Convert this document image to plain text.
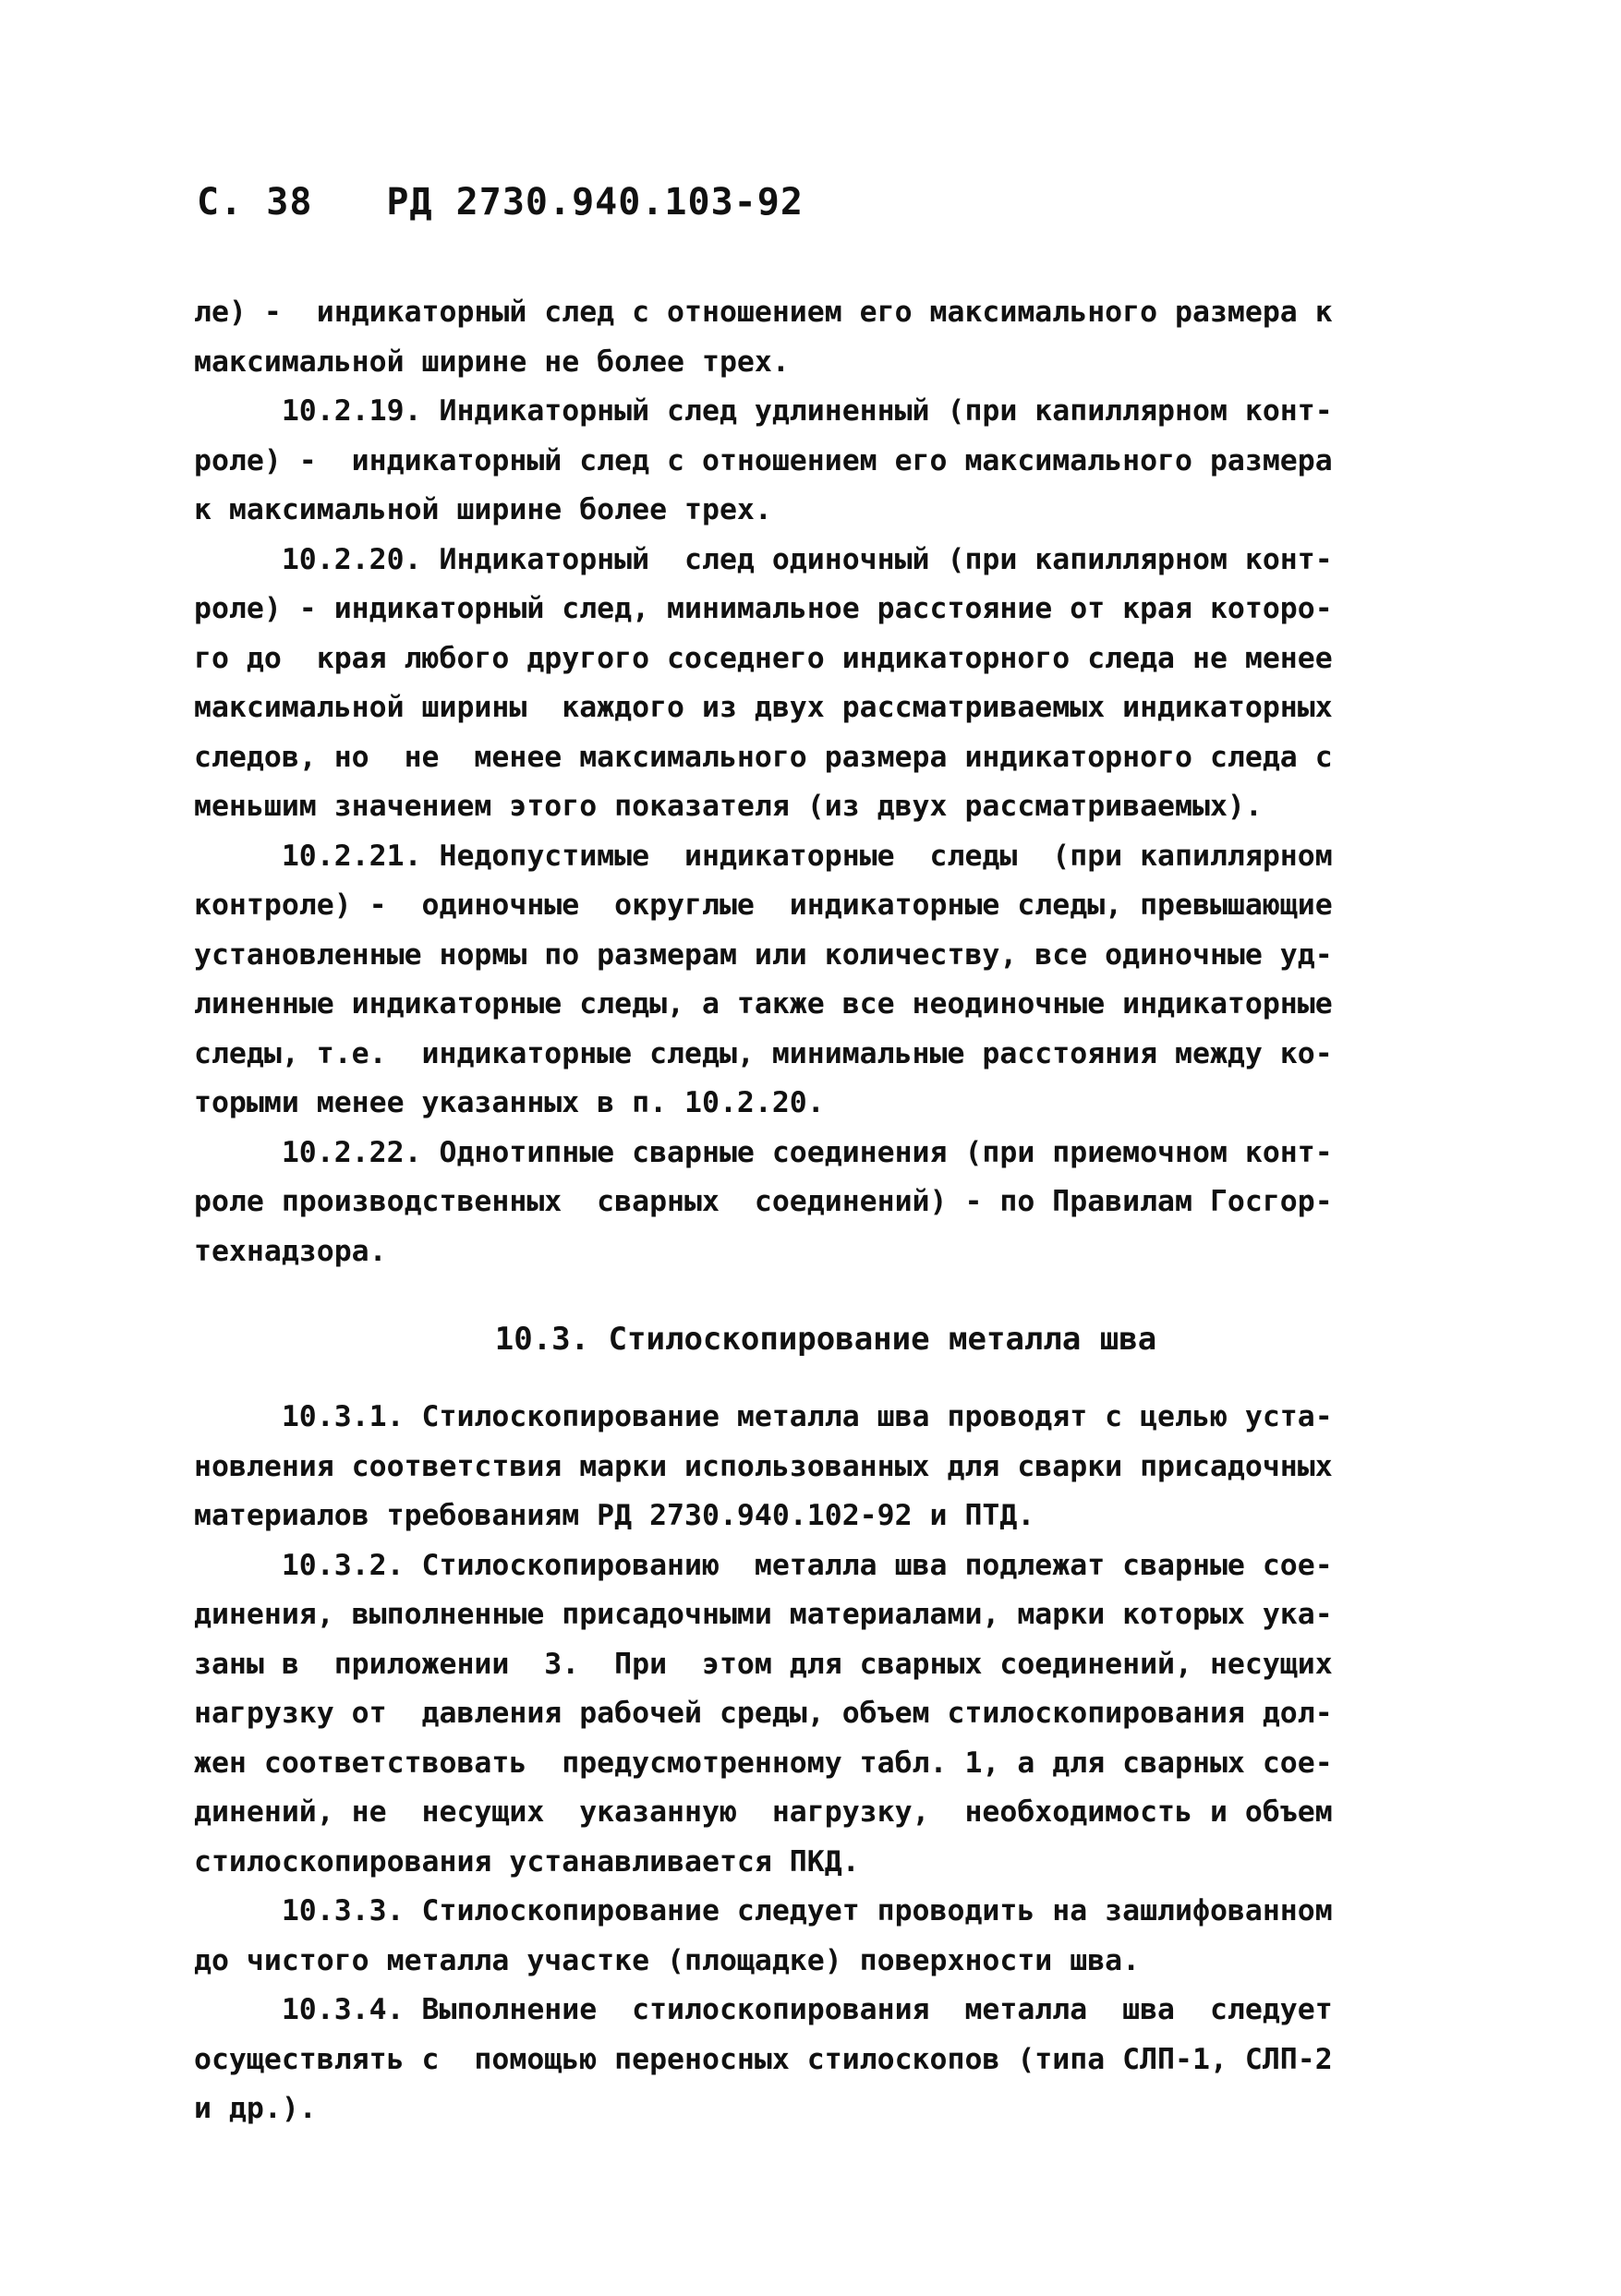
С. 38 РД 2730.940.103-92
ле) -  индикаторный след с отношением его максимального размера к
максимальной ширине не более трех.
10.2.19. Индикаторный след удлиненный (при капиллярном конт-
роле) -  индикаторный след с отношением его максимального размера
к максимальной ширине более трех.
10.2.20. Индикаторный  след одиночный (при капиллярном конт-
роле) - индикаторный след, минимальное расстояние от края которо-
го до  края любого другого соседнего индикаторного следа не менее
максимальной ширины  каждого из двух рассматриваемых индикаторных
следов, но  не  менее максимального размера индикаторного следа с
меньшим значением этого показателя (из двух рассматриваемых).
10.2.21. Недопустимые  индикаторные  следы  (при капиллярном
контроле) -  одиночные  округлые  индикаторные следы, превышающие
установленные нормы по размерам или количеству, все одиночные уд-
линенные индикаторные следы, а также все неодиночные индикаторные
следы, т.е.  индикаторные следы, минимальные расстояния между ко-
торыми менее указанных в п. 10.2.20.
10.2.22. Однотипные сварные соединения (при приемочном конт-
роле производственных  сварных  соединений) - по Правилам Госгор-
технадзора.
10.3. Стилоскопирование металла шва
10.3.1. Стилоскопирование металла шва проводят с целью уста-
новления соответствия марки использованных для сварки присадочных
материалов требованиям РД 2730.940.102-92 и ПТД.
10.3.2. Стилоскопированию  металла шва подлежат сварные сое-
динения, выполненные присадочными материалами, марки которых ука-
заны в  приложении  3.  При  этом для сварных соединений, несущих
нагрузку от  давления рабочей среды, объем стилоскопирования дол-
жен соответствовать  предусмотренному табл. 1, а для сварных сое-
динений, не  несущих  указанную  нагрузку,  необходимость и объем
стилоскопирования устанавливается ПКД.
10.3.3. Стилоскопирование следует проводить на зашлифованном
до чистого металла участке (площадке) поверхности шва.
10.3.4. Выполнение  стилоскопирования  металла  шва  следует
осуществлять с  помощью переносных стилоскопов (типа СЛП-1, СЛП-2
и др.).
